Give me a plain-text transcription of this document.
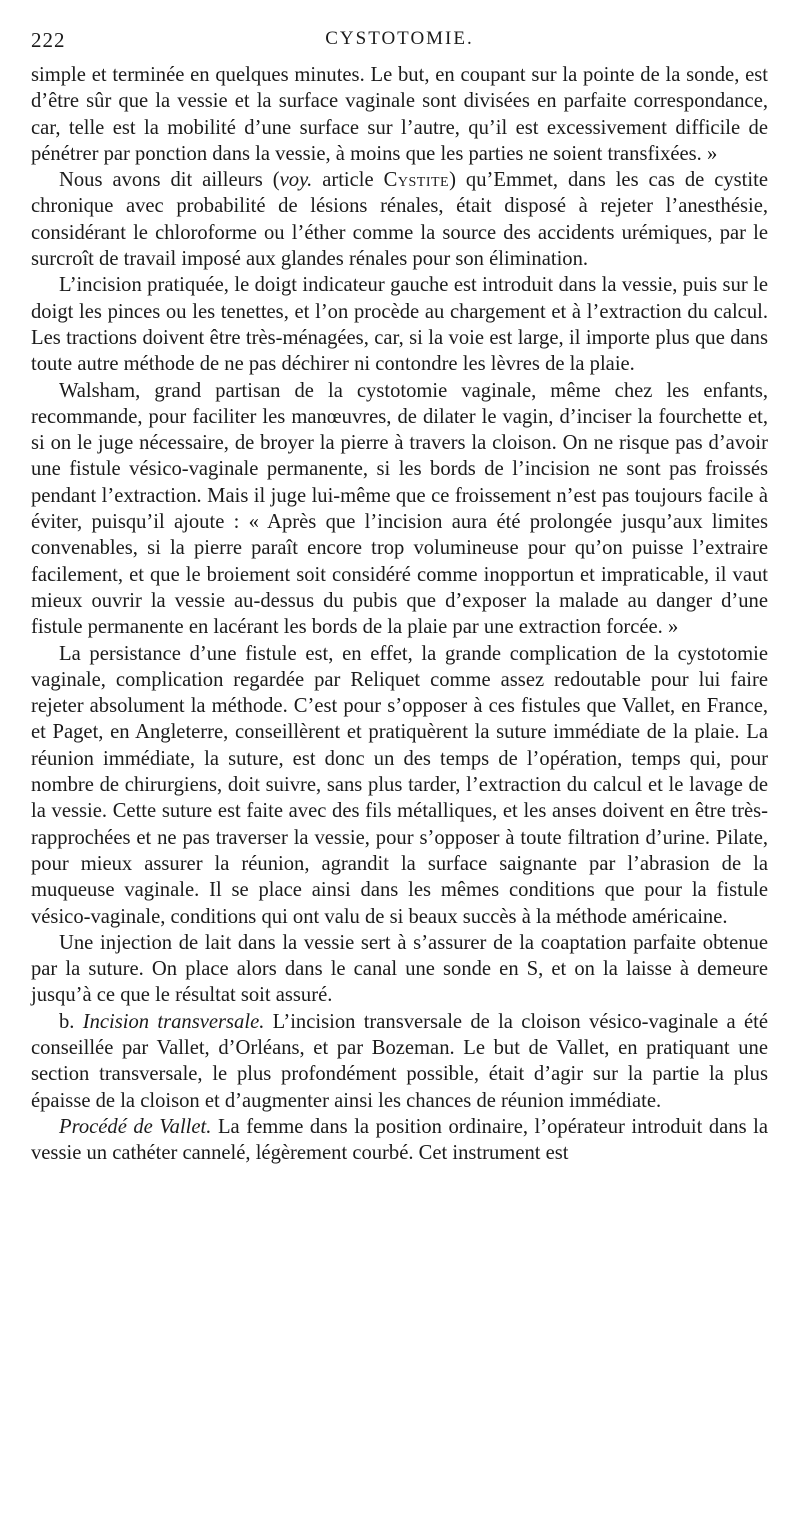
222	CYSTOTOMIE.

simple et terminée en quelques minutes. Le but, en coupant sur la pointe de la sonde, est d’être sûr que la vessie et la surface vaginale sont divisées en parfaite correspondance, car, telle est la mobilité d’une surface sur l’autre, qu’il est excessivement difficile de pénétrer par ponction dans la vessie, à moins que les parties ne soient transfixées. »

Nous avons dit ailleurs (voy. article Cystite) qu’Emmet, dans les cas de cystite chronique avec probabilité de lésions rénales, était disposé à rejeter l’anesthésie, considérant le chloroforme ou l’éther comme la source des accidents urémiques, par le surcroît de travail imposé aux glandes rénales pour son élimination.

L’incision pratiquée, le doigt indicateur gauche est introduit dans la vessie, puis sur le doigt les pinces ou les tenettes, et l’on procède au chargement et à l’extraction du calcul. Les tractions doivent être très-ménagées, car, si la voie est large, il importe plus que dans toute autre méthode de ne pas déchirer ni contondre les lèvres de la plaie.

Walsham, grand partisan de la cystotomie vaginale, même chez les enfants, recommande, pour faciliter les manœuvres, de dilater le vagin, d’inciser la fourchette et, si on le juge nécessaire, de broyer la pierre à travers la cloison. On ne risque pas d’avoir une fistule vésico-vaginale permanente, si les bords de l’incision ne sont pas froissés pendant l’extraction. Mais il juge lui-même que ce froissement n’est pas toujours facile à éviter, puisqu’il ajoute : « Après que l’incision aura été prolongée jusqu’aux limites convenables, si la pierre paraît encore trop volumineuse pour qu’on puisse l’extraire facilement, et que le broiement soit considéré comme inopportun et impraticable, il vaut mieux ouvrir la vessie au-dessus du pubis que d’exposer la malade au danger d’une fistule permanente en lacérant les bords de la plaie par une extraction forcée. »

La persistance d’une fistule est, en effet, la grande complication de la cystotomie vaginale, complication regardée par Reliquet comme assez redoutable pour lui faire rejeter absolument la méthode. C’est pour s’opposer à ces fistules que Vallet, en France, et Paget, en Angleterre, conseillèrent et pratiquèrent la suture immédiate de la plaie. La réunion immédiate, la suture, est donc un des temps de l’opération, temps qui, pour nombre de chirurgiens, doit suivre, sans plus tarder, l’extraction du calcul et le lavage de la vessie. Cette suture est faite avec des fils métalliques, et les anses doivent en être très-rapprochées et ne pas traverser la vessie, pour s’opposer à toute filtration d’urine. Pilate, pour mieux assurer la réunion, agrandit la surface saignante par l’abrasion de la muqueuse vaginale. Il se place ainsi dans les mêmes conditions que pour la fistule vésico-vaginale, conditions qui ont valu de si beaux succès à la méthode américaine.

Une injection de lait dans la vessie sert à s’assurer de la coaptation parfaite obtenue par la suture. On place alors dans le canal une sonde en S, et on la laisse à demeure jusqu’à ce que le résultat soit assuré.

b. Incision transversale. L’incision transversale de la cloison vésico-vaginale a été conseillée par Vallet, d’Orléans, et par Bozeman. Le but de Vallet, en pratiquant une section transversale, le plus profondément possible, était d’agir sur la partie la plus épaisse de la cloison et d’augmenter ainsi les chances de réunion immédiate.

Procédé de Vallet. La femme dans la position ordinaire, l’opérateur introduit dans la vessie un cathéter cannelé, légèrement courbé. Cet instrument est
